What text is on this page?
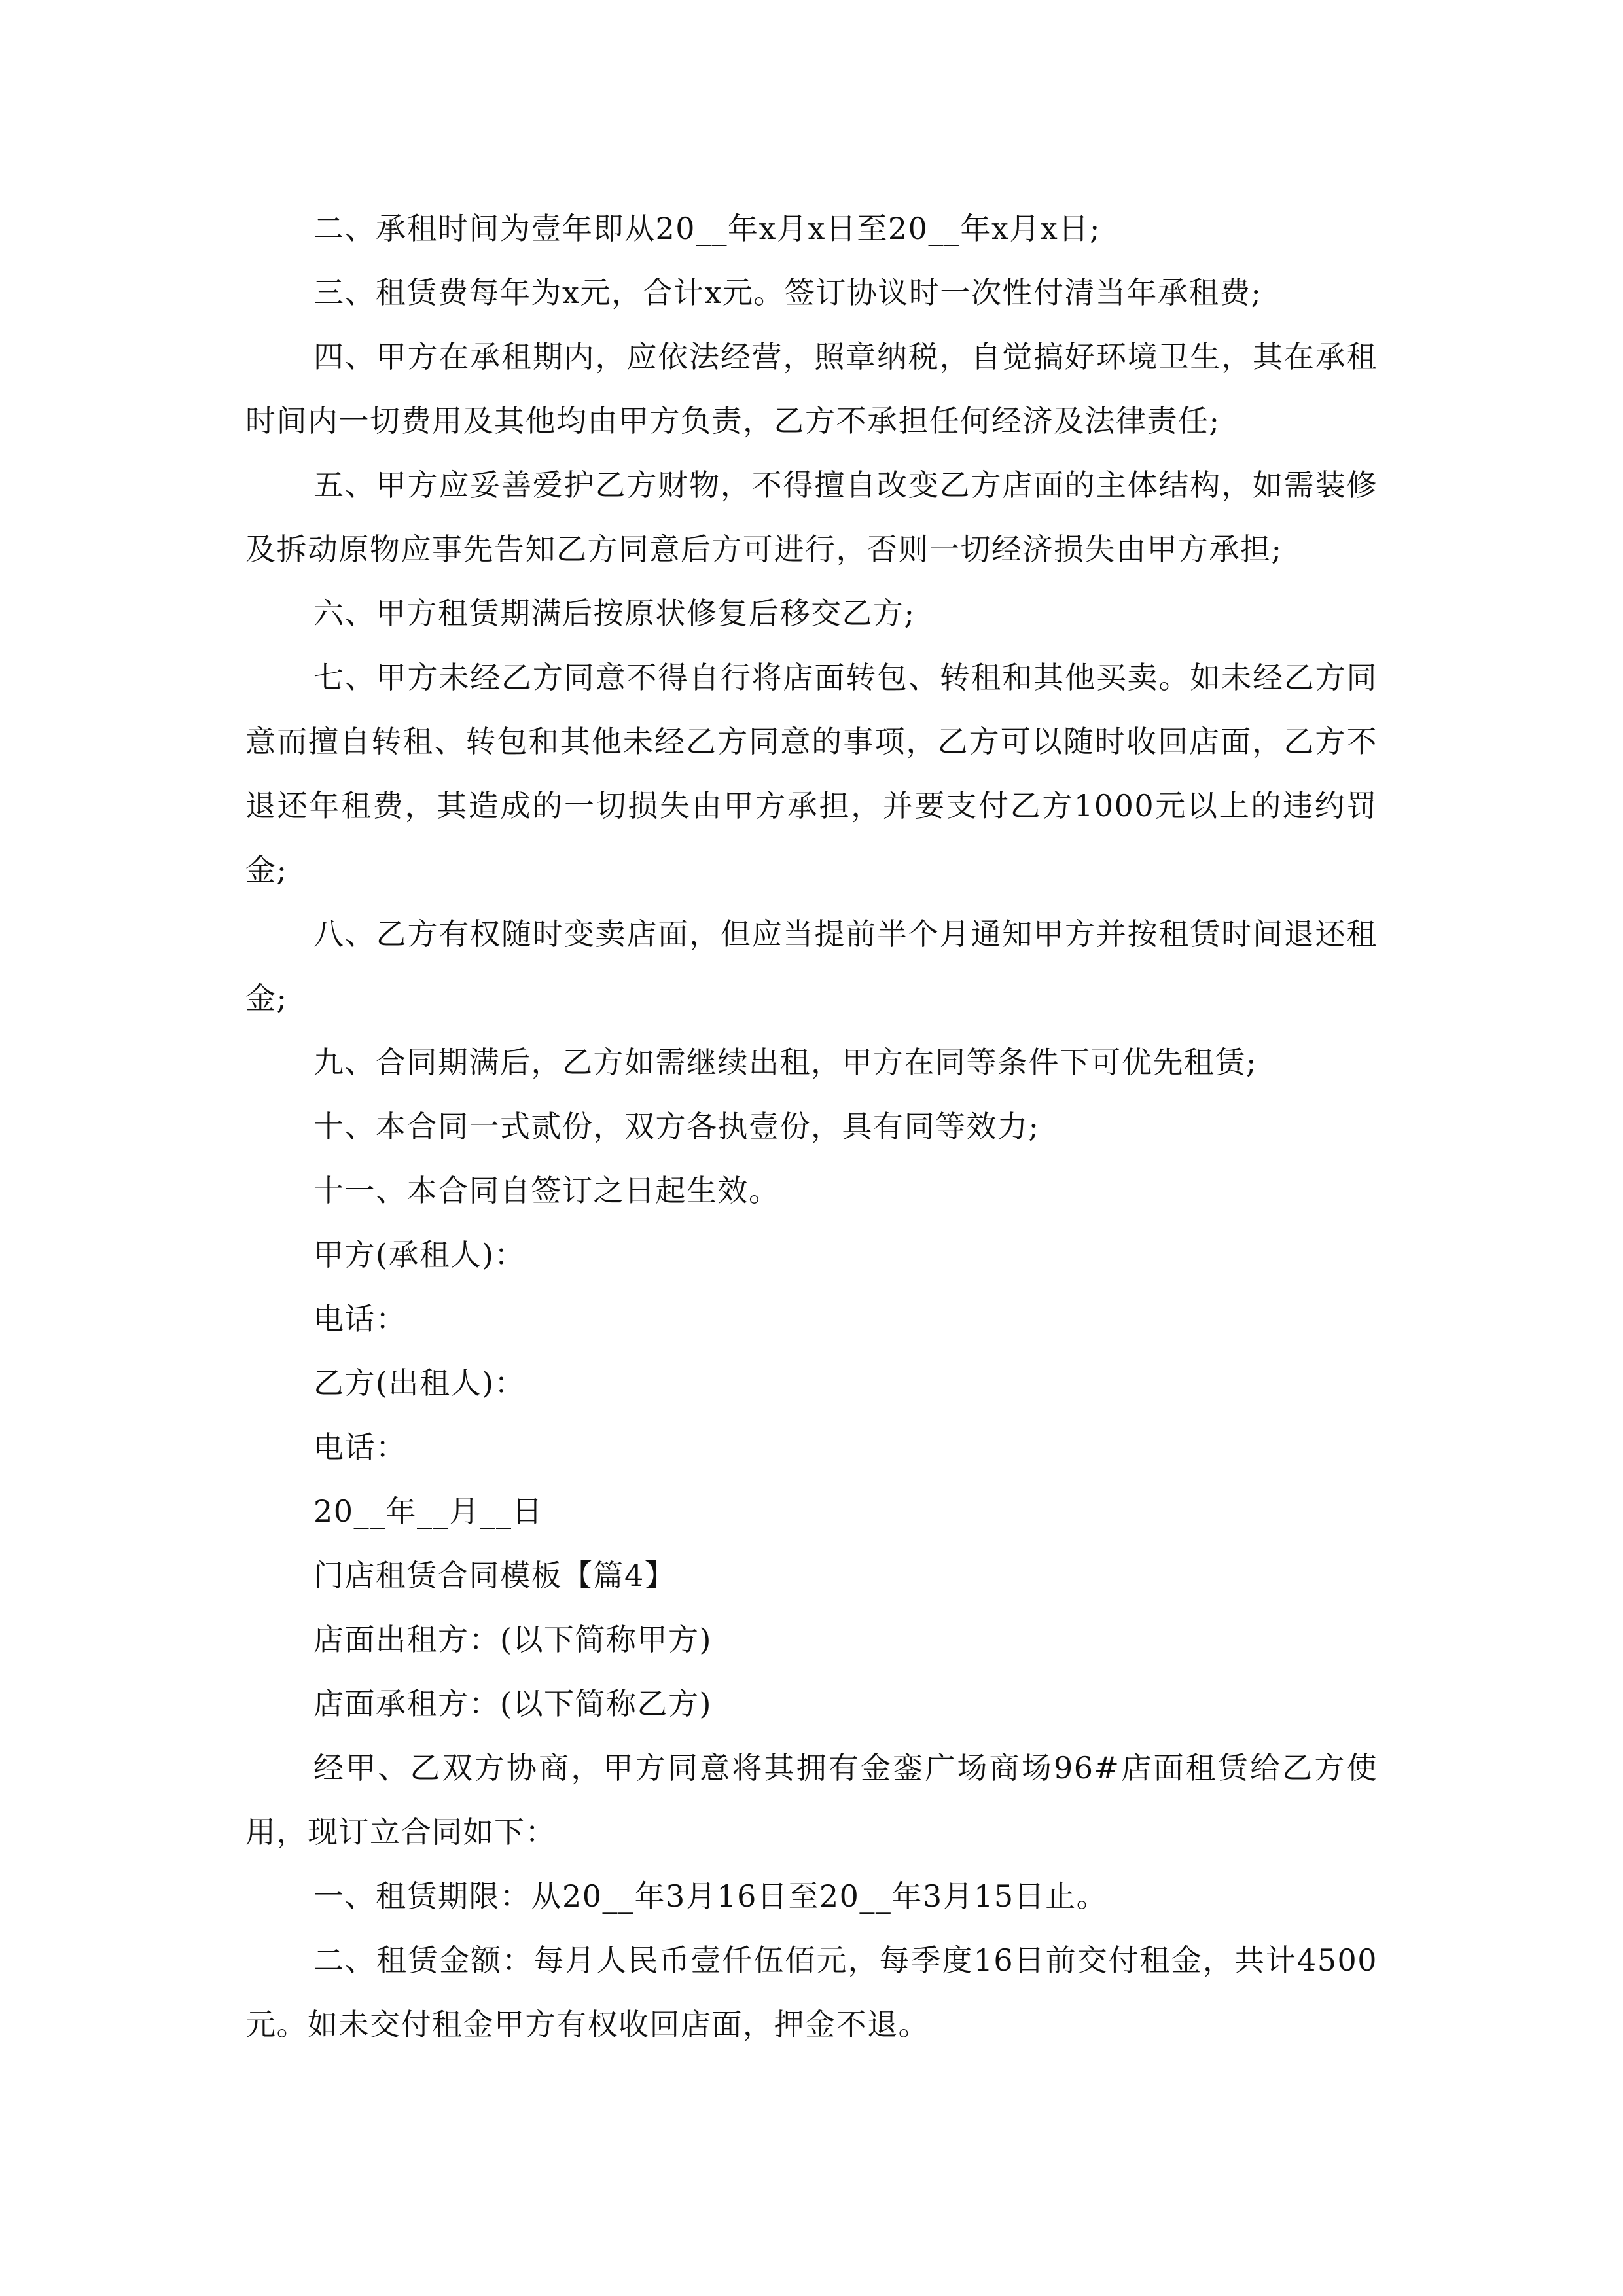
二、承租时间为壹年即从20__年x月x日至20__年x月x日;

三、租赁费每年为x元，合计x元。签订协议时一次性付清当年承租费;

四、甲方在承租期内，应依法经营，照章纳税，自觉搞好环境卫生，其在承租时间内一切费用及其他均由甲方负责，乙方不承担任何经济及法律责任;

五、甲方应妥善爱护乙方财物，不得擅自改变乙方店面的主体结构，如需装修及拆动原物应事先告知乙方同意后方可进行，否则一切经济损失由甲方承担;

六、甲方租赁期满后按原状修复后移交乙方;

七、甲方未经乙方同意不得自行将店面转包、转租和其他买卖。如未经乙方同意而擅自转租、转包和其他未经乙方同意的事项，乙方可以随时收回店面，乙方不退还年租费，其造成的一切损失由甲方承担，并要支付乙方1000元以上的违约罚金;

八、乙方有权随时变卖店面，但应当提前半个月通知甲方并按租赁时间退还租金;

九、合同期满后，乙方如需继续出租，甲方在同等条件下可优先租赁;

十、本合同一式贰份，双方各执壹份，具有同等效力;

十一、本合同自签订之日起生效。

甲方(承租人)：

电话：

乙方(出租人)：

电话：

20__年__月__日

门店租赁合同模板【篇4】

店面出租方：(以下简称甲方)

店面承租方：(以下简称乙方)

经甲、乙双方协商，甲方同意将其拥有金銮广场商场96#店面租赁给乙方使用，现订立合同如下：

一、租赁期限：从20__年3月16日至20__年3月15日止。

二、租赁金额：每月人民币壹仟伍佰元，每季度16日前交付租金，共计4500元。如未交付租金甲方有权收回店面，押金不退。
